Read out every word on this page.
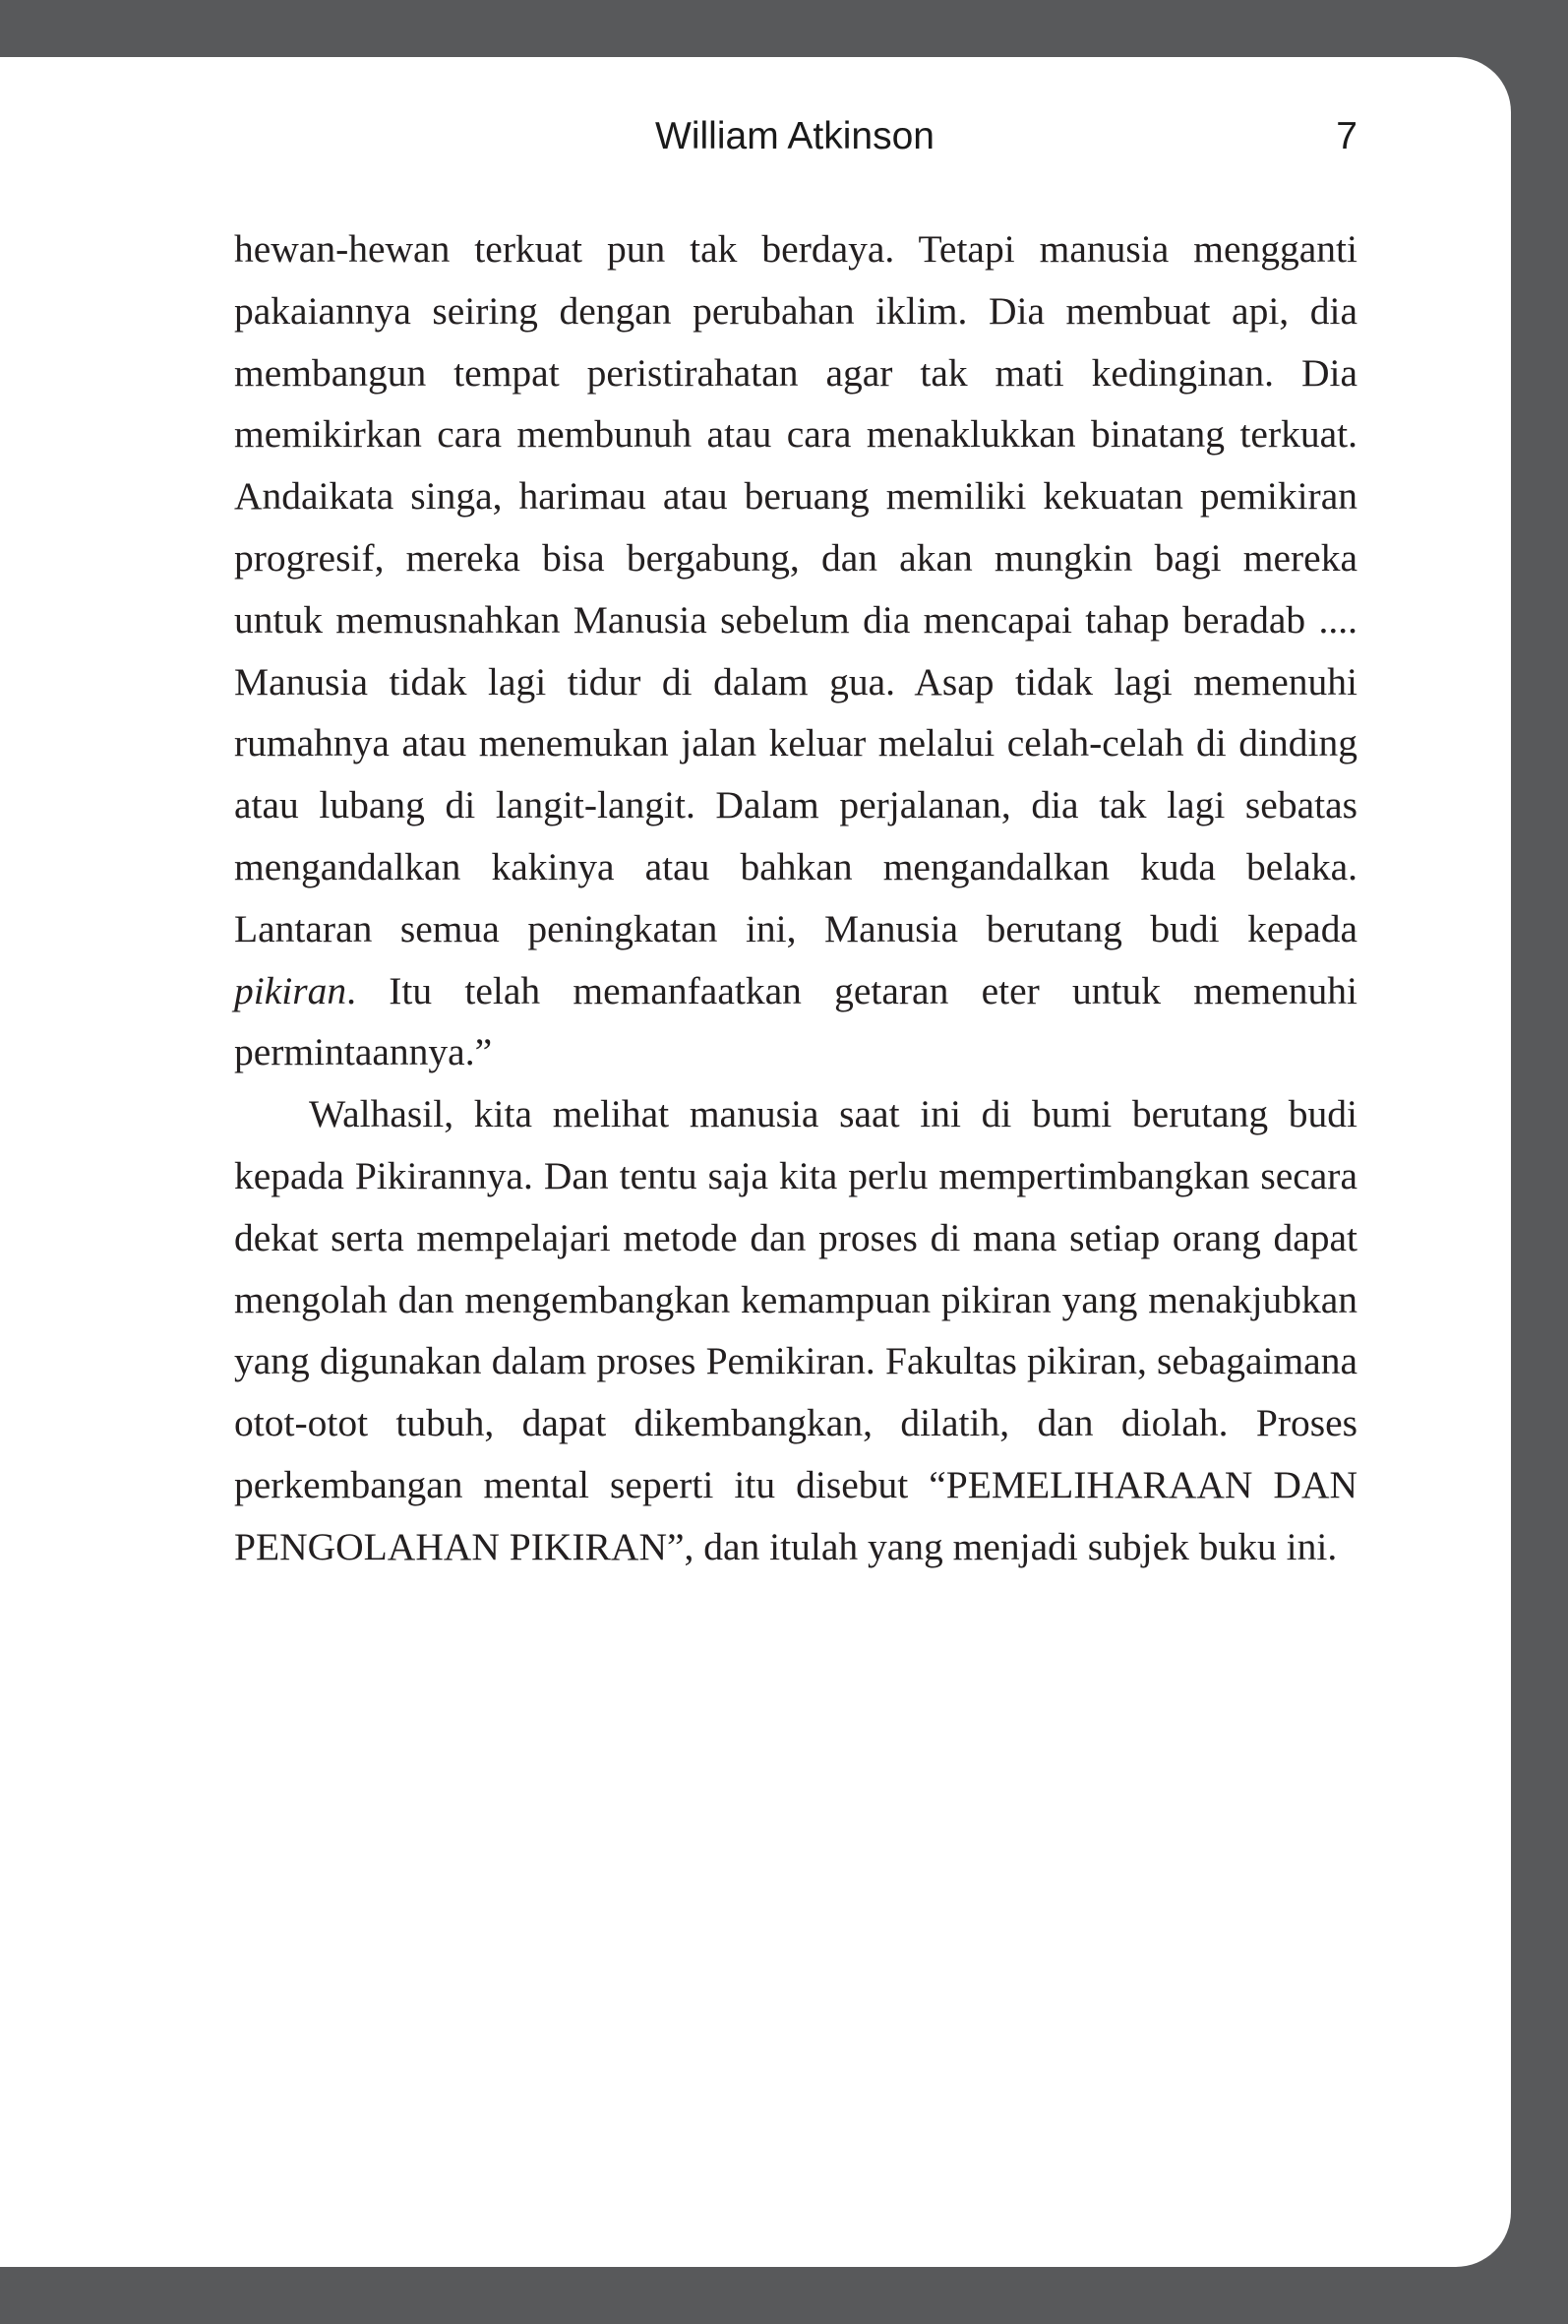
William Atkinson	7

hewan-hewan terkuat pun tak berdaya. Tetapi manusia mengganti pakaiannya seiring dengan perubahan iklim. Dia membuat api, dia membangun tempat peristirahatan agar tak mati kedinginan. Dia memikirkan cara membunuh atau cara menaklukkan binatang terkuat. Andaikata singa, harimau atau beruang memiliki kekuatan pemikiran progresif, mereka bisa bergabung, dan akan mungkin bagi mereka untuk memusnahkan Manusia sebelum dia mencapai tahap beradab .... Manusia tidak lagi tidur di dalam gua. Asap tidak lagi memenuhi rumahnya atau menemukan jalan keluar melalui celah-celah di dinding atau lubang di langit-langit. Dalam perjalanan, dia tak lagi sebatas mengandalkan kakinya atau bahkan mengandalkan kuda belaka. Lantaran semua peningkatan ini, Manusia berutang budi kepada pikiran. Itu telah memanfaatkan getaran eter untuk memenuhi permintaannya.”

Walhasil, kita melihat manusia saat ini di bumi berutang budi kepada Pikirannya. Dan tentu saja kita perlu mempertimbangkan secara dekat serta mempelajari metode dan proses di mana setiap orang dapat mengolah dan mengembangkan kemampuan pikiran yang menakjubkan yang digunakan dalam proses Pemikiran. Fakultas pikiran, sebagaimana otot-otot tubuh, dapat dikembangkan, dilatih, dan diolah. Proses perkembangan mental seperti itu disebut “PEMELIHARAAN DAN PENGOLAHAN PIKIRAN”, dan itulah yang menjadi subjek buku ini.
